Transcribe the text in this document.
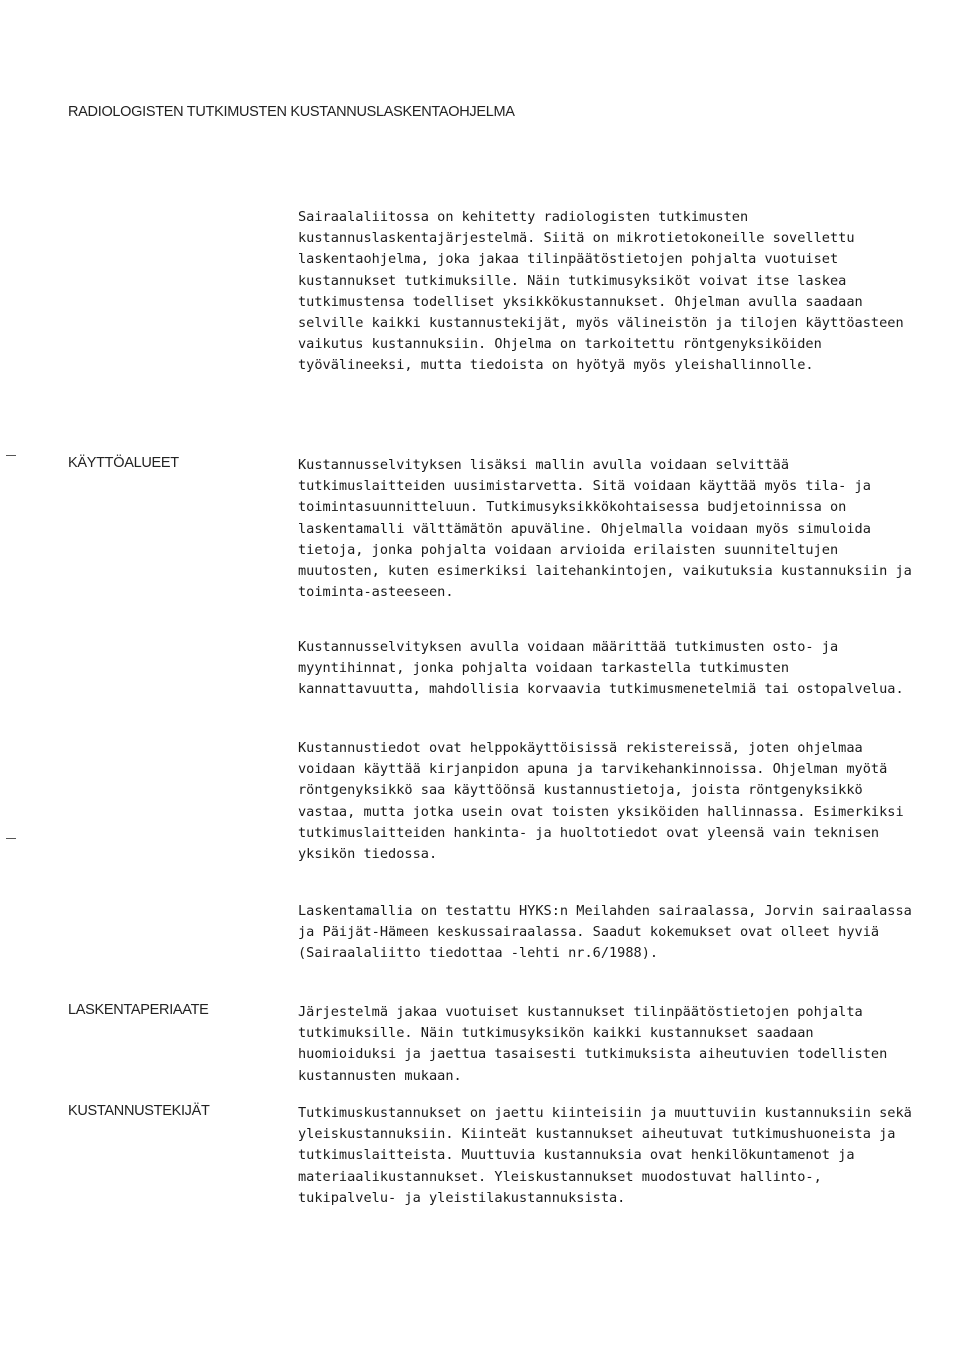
RADIOLOGISTEN TUTKIMUSTEN KUSTANNUSLASKENTAOHJELMA

Sairaalaliitossa on kehitetty radiologisten tutkimusten kustannuslaskentajärjestelmä. Siitä on mikrotietokoneille sovellettu laskentaohjelma, joka jakaa tilinpäätöstietojen pohjalta vuotuiset kustannukset tutkimuksille. Näin tutkimusyksiköt voivat itse laskea tutkimustensa todelliset yksikkökustannukset. Ohjelman avulla saadaan selville kaikki kustannustekijät, myös välineistön ja tilojen käyttöasteen vaikutus kustannuksiin. Ohjelma on tarkoitettu röntgenyksiköiden työvälineeksi, mutta tiedoista on hyötyä myös yleishallinnolle.

KÄYTTÖALUEET	Kustannusselvityksen lisäksi mallin avulla voidaan selvittää tutkimuslaitteiden uusimistarvetta. Sitä voidaan käyttää myös tila- ja toimintasuunnitteluun. Tutkimusyksikkökohtaisessa budjetoinnissa on laskentamalli välttämätön apuväline. Ohjelmalla voidaan myös simuloida tietoja, jonka pohjalta voidaan arvioida erilaisten suunniteltujen muutosten, kuten esimerkiksi laitehankintojen, vaikutuksia kustannuksiin ja toiminta-asteeseen.

Kustannusselvityksen avulla voidaan määrittää tutkimusten osto- ja myyntihinnat, jonka pohjalta voidaan tarkastella tutkimusten kannattavuutta, mahdollisia korvaavia tutkimusmenetelmiä tai ostopalvelua.

Kustannustiedot ovat helppokäyttöisissä rekistereissä, joten ohjelmaa voidaan käyttää kirjanpidon apuna ja tarvikehankinnoissa. Ohjelman myötä röntgenyksikkö saa käyttöönsä kustannustietoja, joista röntgenyksikkö vastaa, mutta jotka usein ovat toisten yksiköiden hallinnassa. Esimerkiksi tutkimuslaitteiden hankinta- ja huoltotiedot ovat yleensä vain teknisen yksikön tiedossa.

Laskentamallia on testattu HYKS:n Meilahden sairaalassa, Jorvin sairaalassa ja Päijät-Hämeen keskussairaalassa. Saadut kokemukset ovat olleet hyviä (Sairaalaliitto tiedottaa -lehti nr.6/1988).

LASKENTAPERIAATE	Järjestelmä jakaa vuotuiset kustannukset tilinpäätöstietojen pohjalta tutkimuksille. Näin tutkimusyksikön kaikki kustannukset saadaan huomioiduksi ja jaettua tasaisesti tutkimuksista aiheutuvien todellisten kustannusten mukaan.

KUSTANNUSTEKIJÄT	Tutkimuskustannukset on jaettu kiinteisiin ja muuttuviin kustannuksiin sekä yleiskustannuksiin. Kiinteät kustannukset aiheutuvat tutkimushuoneista ja tutkimuslaitteista. Muuttuvia kustannuksia ovat henkilökuntamenot ja materiaalikustannukset. Yleiskustannukset muodostuvat hallinto-, tukipalvelu- ja yleistilakustannuksista.
